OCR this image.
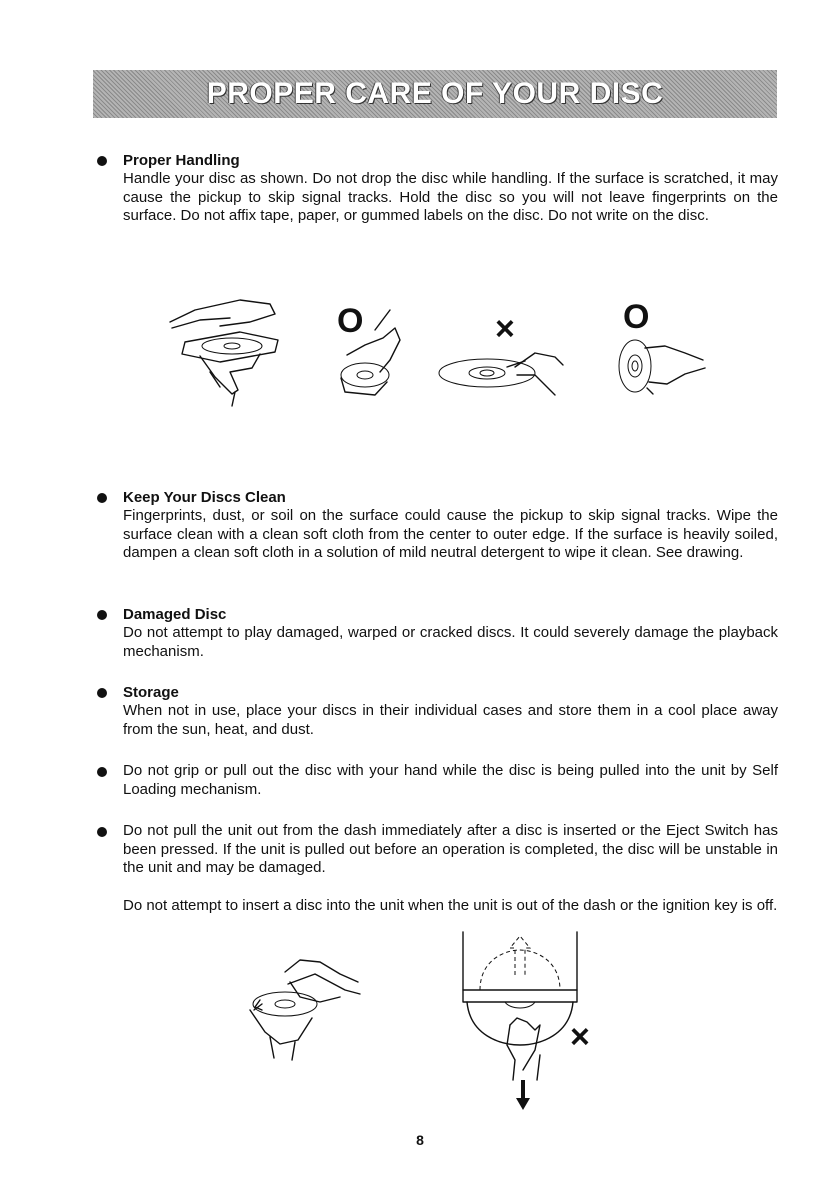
PROPER CARE OF YOUR DISC

Proper Handling

Handle your disc as shown. Do not drop the disc while handling. If the surface is scratched, it may cause the pickup to skip signal tracks. Hold the disc so you will not leave fingerprints on the surface. Do not affix tape, paper, or gummed labels on the disc. Do not write on the disc.

O	×	O

Keep Your Discs Clean

Fingerprints, dust, or soil on the surface could cause the pickup to skip signal tracks. Wipe the surface clean with a clean soft cloth from the center to outer edge. If the surface is heavily soiled, dampen a clean soft cloth in a solution of mild neutral detergent to wipe it clean. See drawing.

Damaged Disc

Do not attempt to play damaged, warped or cracked discs. It could severely damage the playback mechanism.

Storage

When not in use, place your discs in their individual cases and store them in a cool place away from the sun, heat, and dust.

Do not grip or pull out the disc with your hand while the disc is being pulled into the unit by Self Loading mechanism.

Do not pull the unit out from the dash immediately after a disc is inserted or the Eject Switch has been pressed. If the unit is pulled out before an operation is completed, the disc will be unstable in the unit and may be damaged.

Do not attempt to insert a disc into the unit when the unit is out of the dash or the ignition key is off.

×
8
